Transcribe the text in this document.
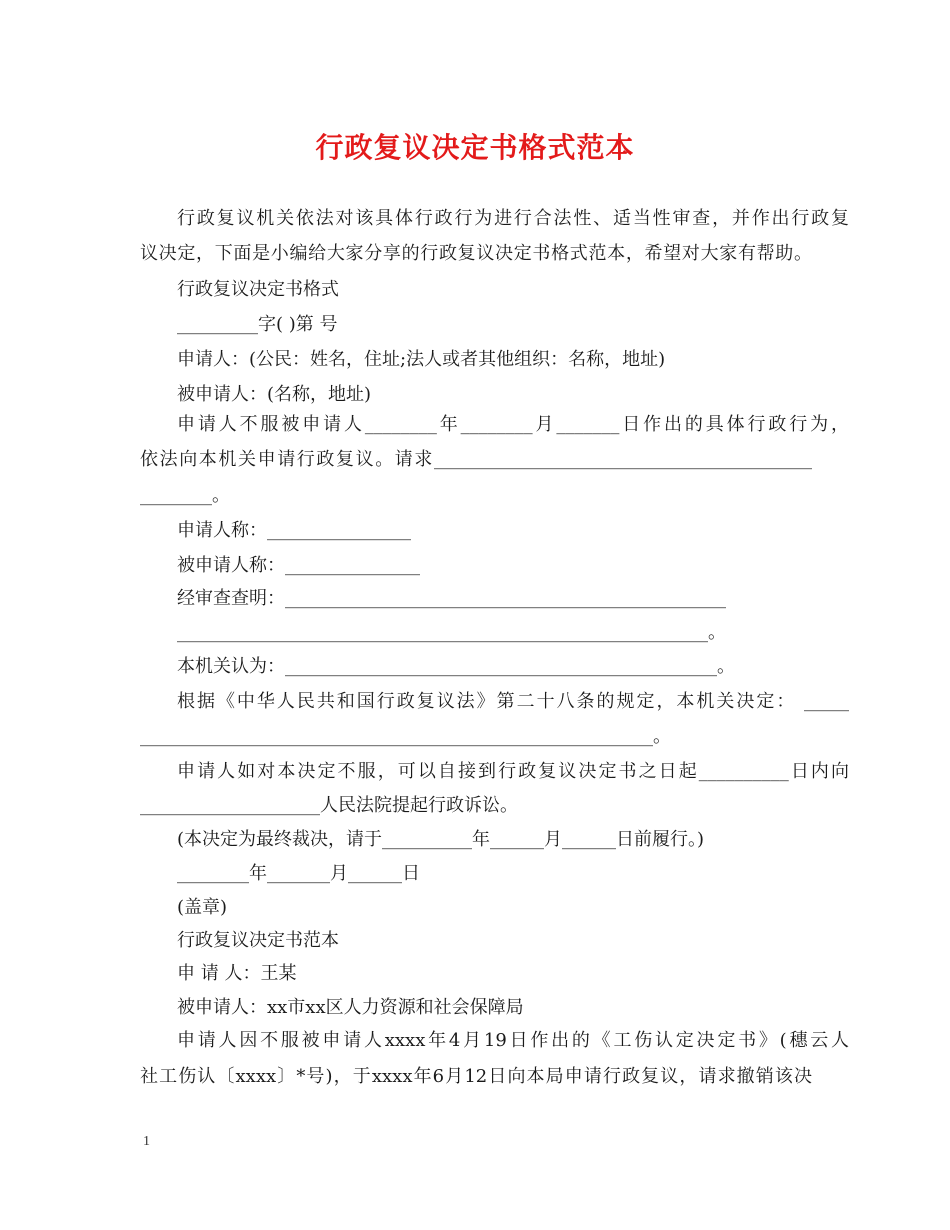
行政复议决定书格式范本

行政复议机关依法对该具体行政行为进行合法性、适当性审查，并作出行政复

议决定，下面是小编给大家分享的行政复议决定书格式范本，希望对大家有帮助。

行政复议决定书格式

_________字( )第 号

申请人：(公民：姓名，住址;法人或者其他组织：名称，地址)

被申请人：(名称，地址)

申请人不服被申请人________年________月_______日作出的具体行政行为，

依法向本机关申请行政复议。请求__________________________________________

________。

申请人称：________________

被申请人称：_______________

经审查查明：_________________________________________________

___________________________________________________________。

本机关认为：________________________________________________。

根据《中华人民共和国行政复议法》第二十八条的规定，本机关决定： _____

_________________________________________________________。

申请人如对本决定不服，可以自接到行政复议决定书之日起__________日内向

____________________人民法院提起行政诉讼。

(本决定为最终裁决，请于__________年______月______日前履行。)

________年_______月______日

(盖章)

行政复议决定书范本

申 请 人：王某

被申请人：xx市xx区人力资源和社会保障局

申请人因不服被申请人xxxx年4月19日作出的《工伤认定决定书》(穗云人

社工伤认〔xxxx〕*号)，于xxxx年6月12日向本局申请行政复议，请求撤销该决

1
